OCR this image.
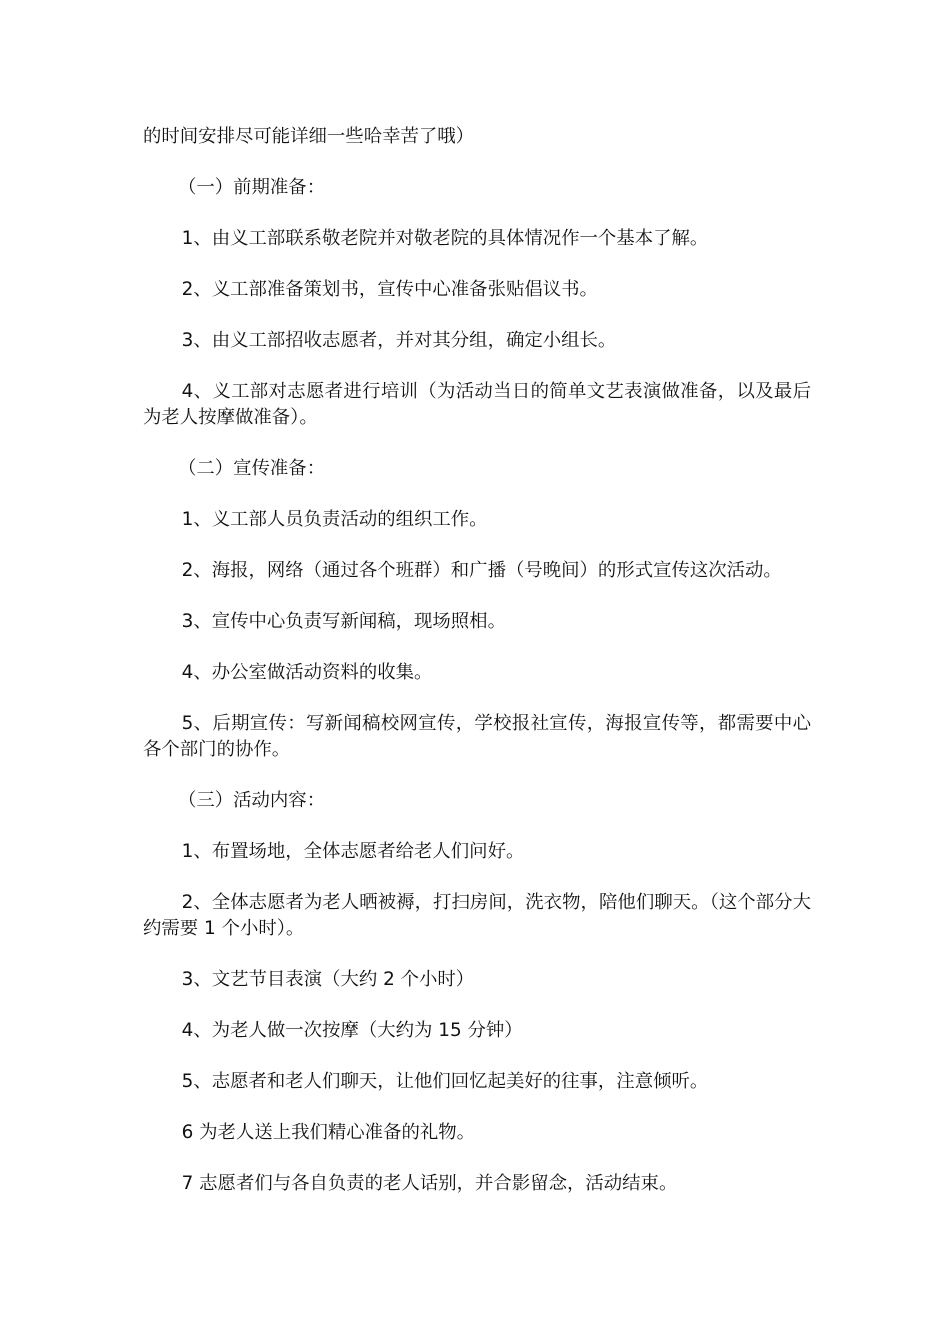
的时间安排尽可能详细一些哈幸苦了哦）

（一）前期准备：

1、由义工部联系敬老院并对敬老院的具体情况作一个基本了解。

2、义工部准备策划书，宣传中心准备张贴倡议书。

3、由义工部招收志愿者，并对其分组，确定小组长。

4、义工部对志愿者进行培训（为活动当日的简单文艺表演做准备，以及最后为老人按摩做准备）。

（二）宣传准备：

1、义工部人员负责活动的组织工作。

2、海报，网络（通过各个班群）和广播（号晚间）的形式宣传这次活动。

3、宣传中心负责写新闻稿，现场照相。

4、办公室做活动资料的收集。

5、后期宣传：写新闻稿校网宣传，学校报社宣传，海报宣传等，都需要中心各个部门的协作。

（三）活动内容：

1、布置场地，全体志愿者给老人们问好。

2、全体志愿者为老人晒被褥，打扫房间，洗衣物，陪他们聊天。（这个部分大约需要 1 个小时）。

3、文艺节目表演（大约 2 个小时）

4、为老人做一次按摩（大约为 15 分钟）

5、志愿者和老人们聊天，让他们回忆起美好的往事，注意倾听。

6 为老人送上我们精心准备的礼物。

7 志愿者们与各自负责的老人话别，并合影留念，活动结束。
